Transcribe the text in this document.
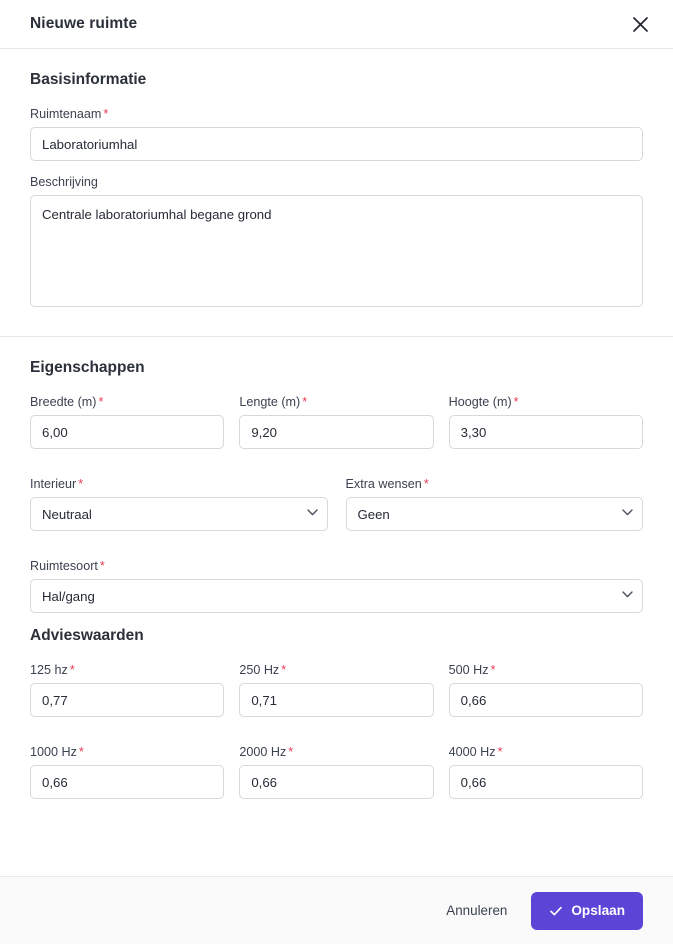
Nieuwe ruimte
Basisinformatie
Ruimtenaam *
Laboratoriumhal
Beschrijving
Centrale laboratoriumhal begane grond
Eigenschappen
Breedte (m) *
6,00	Lengte (m) *
9,20	Hoogte (m) *
3,30
Interieur *
Neutraal	Extra wensen *
Geen
Ruimtesoort *
Hal/gang
Advieswaarden
125 hz *
0,77	250 Hz *
0,71	500 Hz *
0,66
1000 Hz *
0,66	2000 Hz *
0,66	4000 Hz *
0,66
Annuleren	Opslaan
